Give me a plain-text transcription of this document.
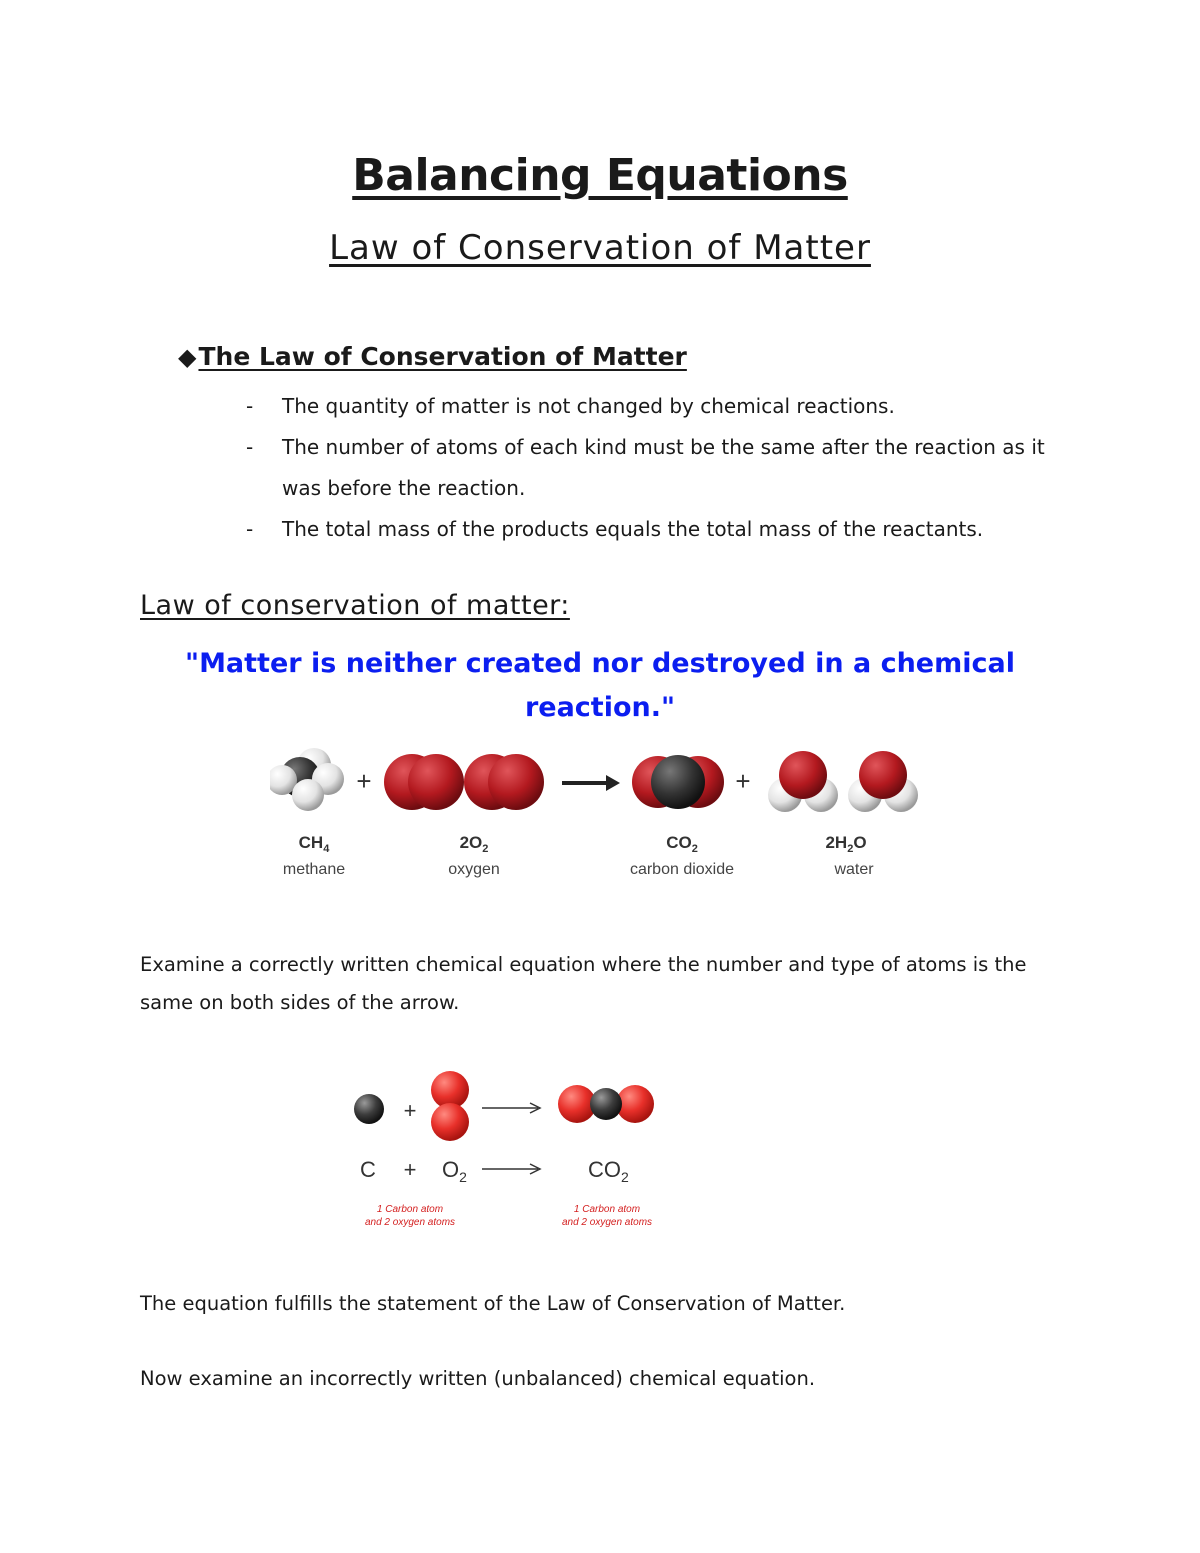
Balancing Equations
Law of Conservation of Matter
◆The Law of Conservation of Matter
-	The quantity of matter is not changed by chemical reactions.
-	The number of atoms of each kind must be the same after the reaction as it was before the reaction.
-	The total mass of the products equals the total mass of the reactants.
Law of conservation of matter:
"Matter is neither created nor destroyed in a chemical reaction."
+	+
$CH_4$
methane
$2O_2$
oxygen
$CO_2$
carbon dioxide
$2H_2O$
water
Examine a correctly written chemical equation where the number and type of atoms is the same on both sides of the arrow.
+
$C + O_2$	$CO_2$
1 Carbon atom
and 2 oxygen atoms
1 Carbon atom
and 2 oxygen atoms
The equation fulfills the statement of the Law of Conservation of Matter.
Now examine an incorrectly written (unbalanced) chemical equation.
